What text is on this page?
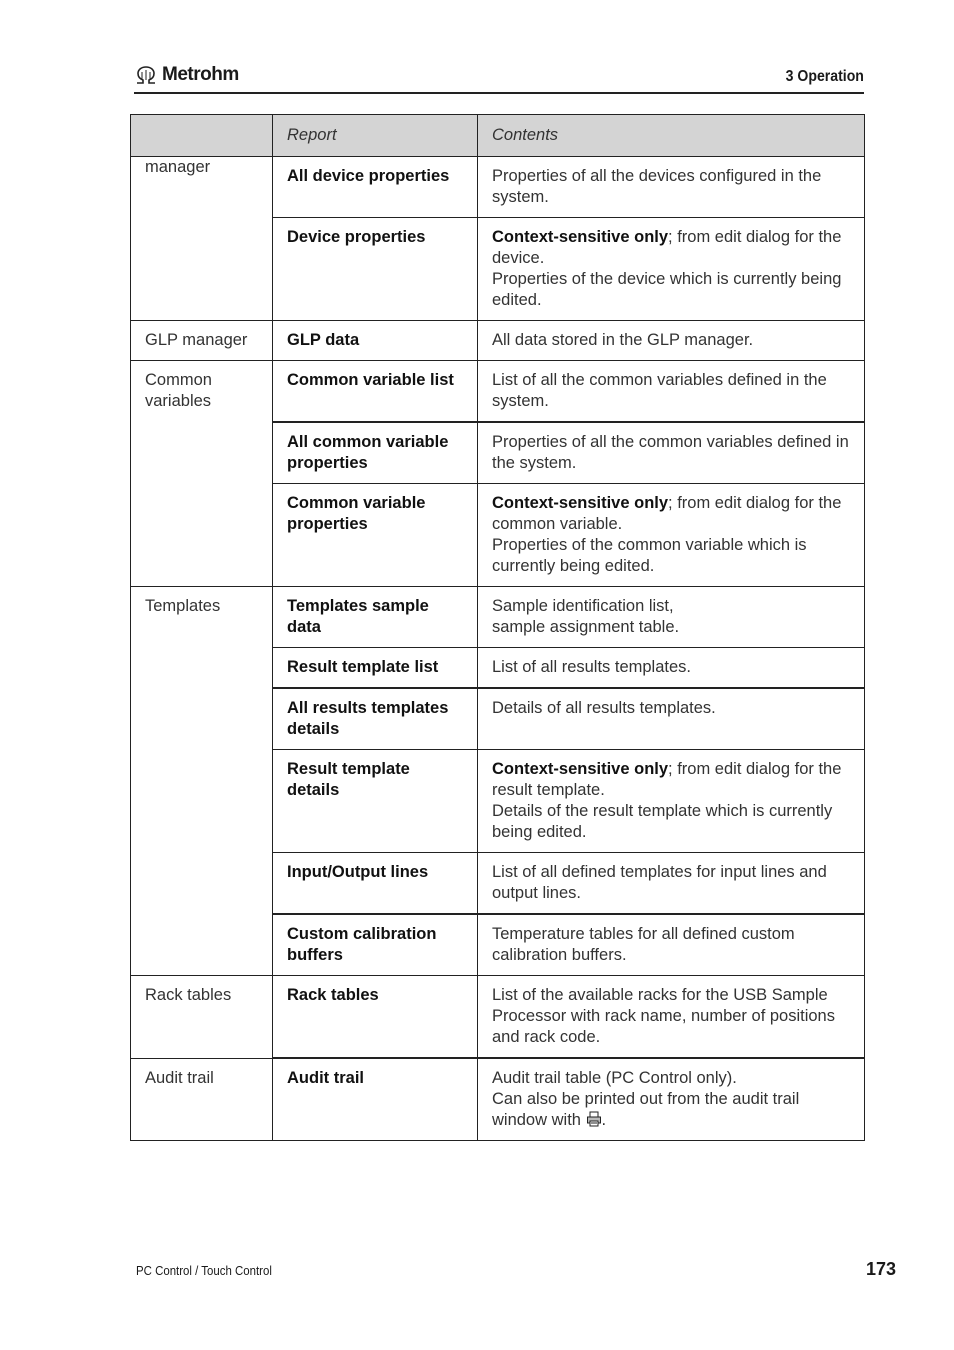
Metrohm	3 Operation
	Report	Contents
manager	All device properties	Properties of all the devices configured in the system.
	Device properties	Context-sensitive only; from edit dialog for the device.
Properties of the device which is currently being edited.
GLP manager	GLP data	All data stored in the GLP manager.
Common variables	Common variable list	List of all the common variables defined in the system.
	All common variable properties	Properties of all the common variables defined in the system.
	Common variable properties	Context-sensitive only; from edit dialog for the common variable.
Properties of the common variable which is currently being edited.
Templates	Templates sample data	Sample identification list,
sample assignment table.
	Result template list	List of all results templates.
	All results templates details	Details of all results templates.
	Result template details	Context-sensitive only; from edit dialog for the result template.
Details of the result template which is currently being edited.
	Input/Output lines	List of all defined templates for input lines and output lines.
	Custom calibration buffers	Temperature tables for all defined custom calibration buffers.
Rack tables	Rack tables	List of the available racks for the USB Sample Processor with rack name, number of positions and rack code.
Audit trail	Audit trail	Audit trail table (PC Control only).
Can also be printed out from the audit trail window with .
PC Control / Touch Control	173
